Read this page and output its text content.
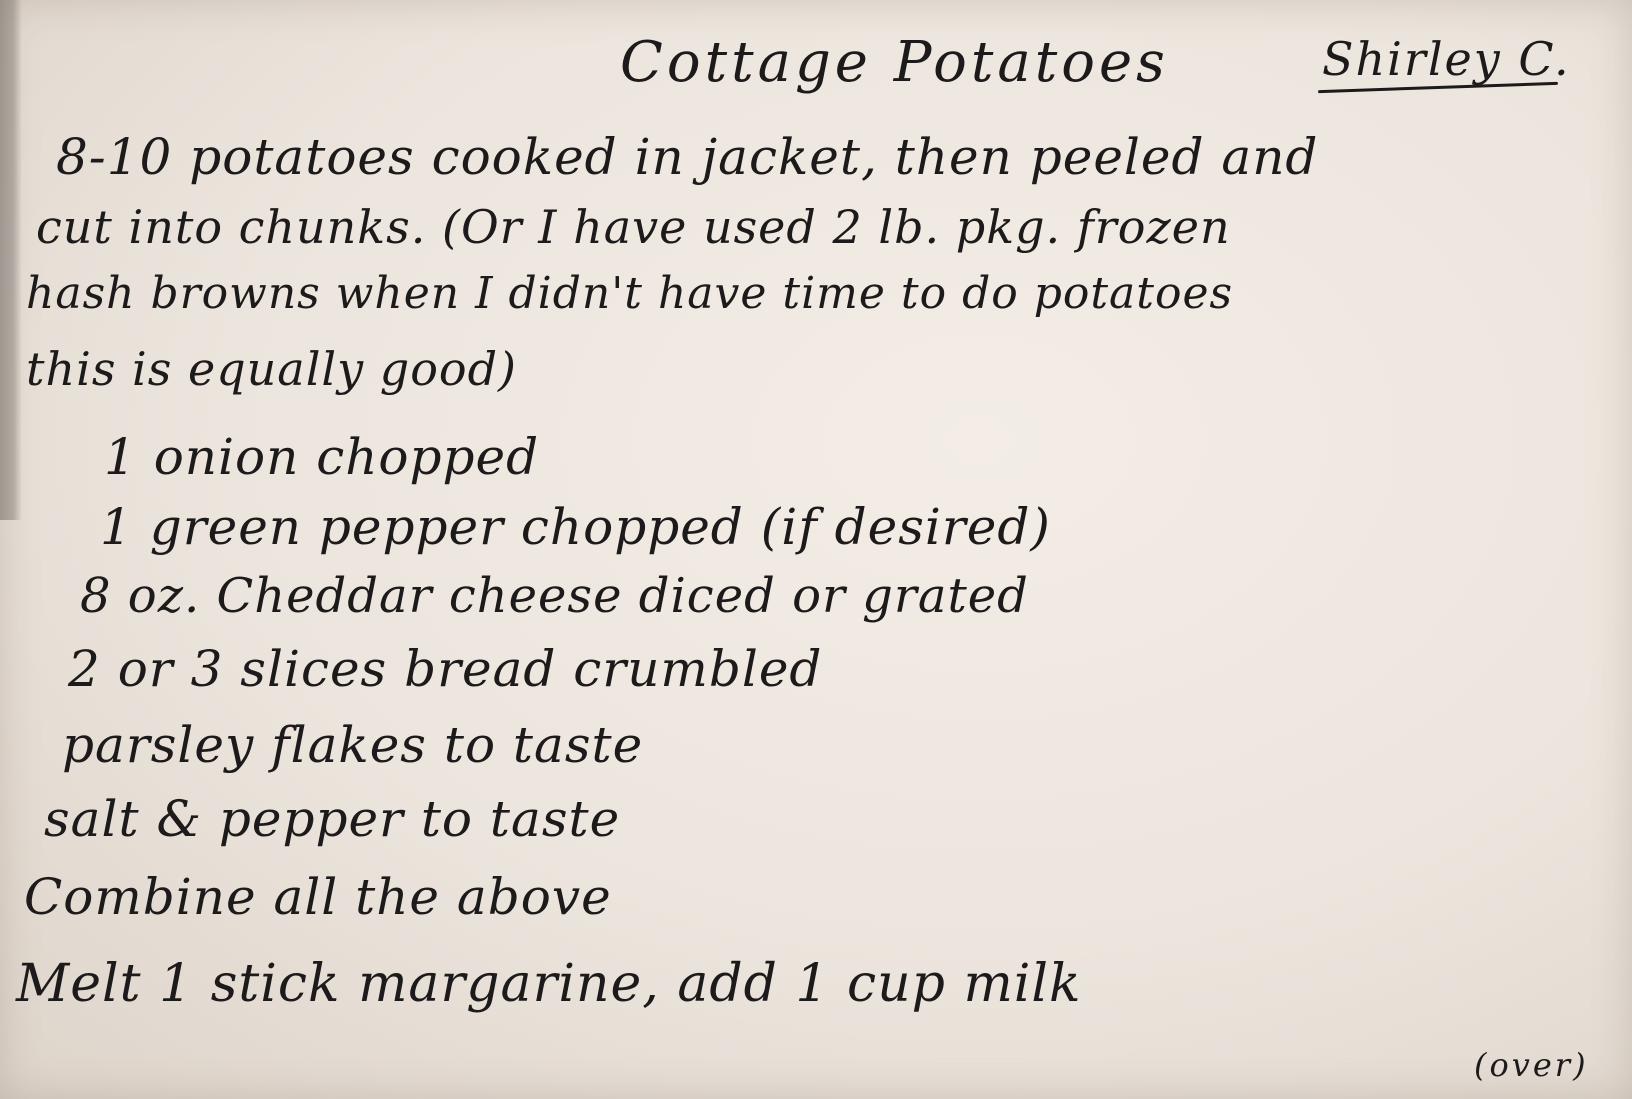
Cottage Potatoes	Shirley C.
8-10 potatoes cooked in jacket, then peeled and
cut into chunks. (Or I have used 2 lb. pkg. frozen
hash browns when I didn't have time to do potatoes
this is equally good)
1 onion chopped
1 green pepper chopped (if desired)
8 oz. Cheddar cheese diced or grated
2 or 3 slices bread crumbled
parsley flakes to taste
salt & pepper to taste
Combine all the above
Melt 1 stick margarine, add 1 cup milk
(over)
